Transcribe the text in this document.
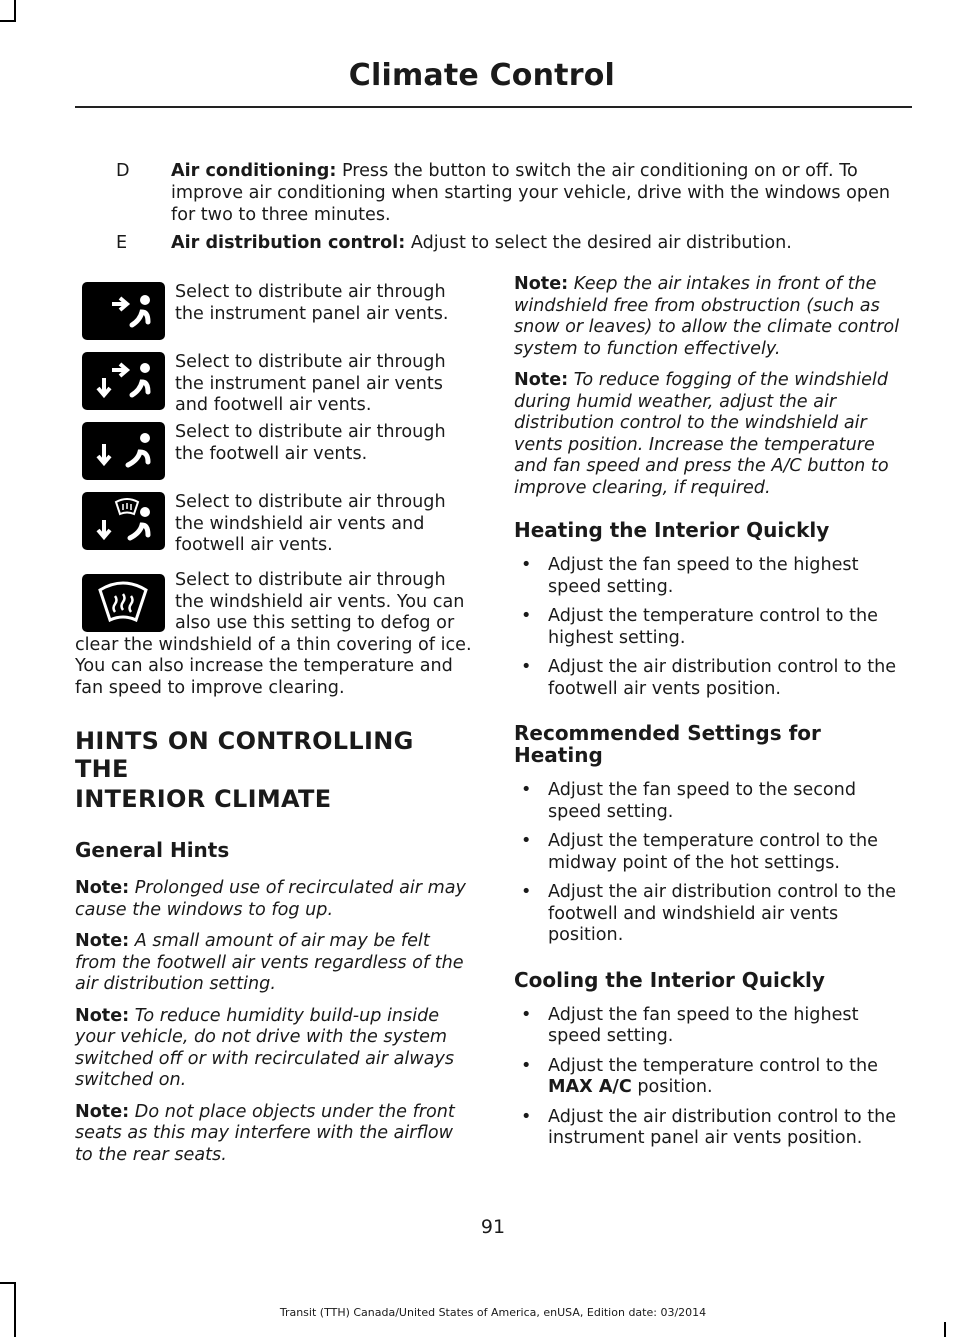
Climate Control
D Air conditioning: Press the button to switch the air conditioning on or off. To improve air conditioning when starting your vehicle, drive with the windows open for two to three minutes.
E Air distribution control: Adjust to select the desired air distribution.
Select to distribute air through the instrument panel air vents.
Select to distribute air through the instrument panel air vents and footwell air vents.
Select to distribute air through the footwell air vents.
Select to distribute air through the windshield air vents and footwell air vents.

Select to distribute air through the windshield air vents. You can also use this setting to defog or clear the windshield of a thin covering of ice. You can also increase the temperature and fan speed to improve clearing.

HINTS ON CONTROLLING THE
INTERIOR CLIMATE
General Hints

Note: Prolonged use of recirculated air may cause the windows to fog up.

Note: A small amount of air may be felt from the footwell air vents regardless of the air distribution setting.

Note: To reduce humidity build-up inside your vehicle, do not drive with the system switched off or with recirculated air always switched on.

Note: Do not place objects under the front seats as this may interfere with the airflow to the rear seats.

Note: Keep the air intakes in front of the windshield free from obstruction (such as snow or leaves) to allow the climate control system to function effectively.

Note: To reduce fogging of the windshield during humid weather, adjust the air distribution control to the windshield air vents position. Increase the temperature and fan speed and press the A/C button to improve clearing, if required.

Heating the Interior Quickly
• Adjust the fan speed to the highest speed setting.
• Adjust the temperature control to the highest setting.
• Adjust the air distribution control to the footwell air vents position.
Recommended Settings for
Heating
• Adjust the fan speed to the second speed setting.
• Adjust the temperature control to the midway point of the hot settings.
• Adjust the air distribution control to the footwell and windshield air vents position.
Cooling the Interior Quickly
• Adjust the fan speed to the highest speed setting.
• Adjust the temperature control to the MAX A/C position.
• Adjust the air distribution control to the instrument panel air vents position.
91
Transit (TTH) Canada/United States of America, enUSA, Edition date: 03/2014
